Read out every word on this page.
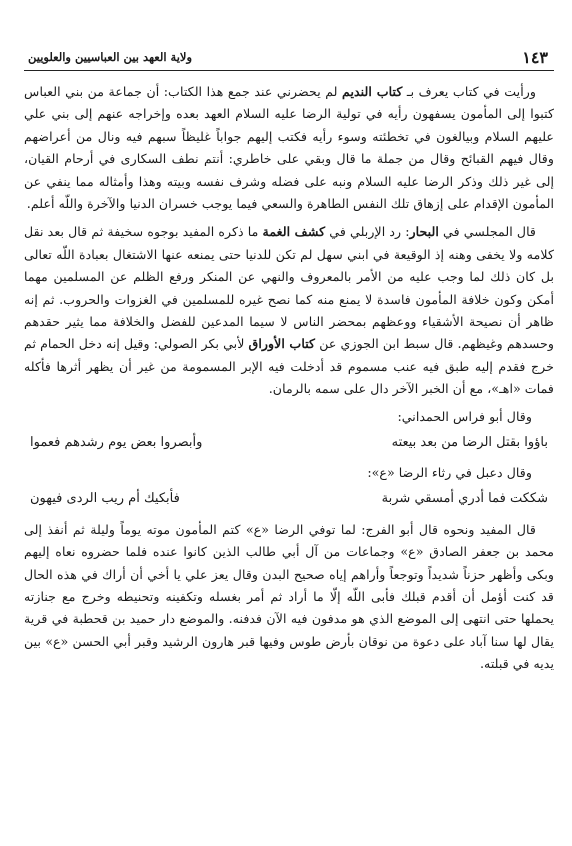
١٤٣
ولاية العهد بين العباسيين والعلويين

ورأيت في كتاب يعرف بـ كتاب النديم لم يحضرني عند جمع هذا الكتاب: أن جماعة من بني العباس كتبوا إلى المأمون يسفهون رأيه في تولية الرضا عليه السلام العهد بعده وإخراجه عنهم إلى بني علي عليهم السلام وبيالغون في تخطئته وسوء رأيه فكتب إليهم جواباً غليظاً سبهم فيه ونال من أعراضهم وقال فيهم القبائح وقال من جملة ما قال وبقي على خاطري: أنتم نطف السكارى في أرحام القيان، إلى غير ذلك وذكر الرضا عليه السلام ونبه على فضله وشرف نفسه وبيته وهذا وأمثاله مما ينفي عن المأمون الإقدام على إزهاق تلك النفس الطاهرة والسعي فيما يوجب خسران الدنيا والآخرة واللّه أعلم.

قال المجلسي في البحار: رد الإربلي في كشف الغمة ما ذكره المفيد بوجوه سخيفة ثم قال بعد نقل كلامه ولا يخفى وهنه إذ الوقيعة في ابني سهل لم تكن للدنيا حتى يمنعه عنها الاشتغال بعبادة اللّه تعالى بل كان ذلك لما وجب عليه من الأمر بالمعروف والنهي عن المنكر ورفع الظلم عن المسلمين مهما أمكن وكون خلافة المأمون فاسدة لا يمنع منه كما نصح غيره للمسلمين في الغزوات والحروب. ثم إنه ظاهر أن نصيحة الأشقياء ووعظهم بمحضر الناس لا سيما المدعين للفضل والخلافة مما يثير حقدهم وحسدهم وغيظهم. قال سبط ابن الجوزي عن كتاب الأوراق لأبي بكر الصولي: وقيل إنه دخل الحمام ثم خرج فقدم إليه طبق فيه عنب مسموم قد أدخلت فيه الإبر المسمومة من غير أن يظهر أثرها فأكله فمات «اهـ»، مع أن الخبر الآخر دال على سمه بالرمان.

وقال أبو فراس الحمداني:
باؤوا بقتل الرضا من بعد بيعته
وأبصروا بعض يوم رشدهم فعموا
وقال دعبل في رثاء الرضا «ع»:
شككت فما أدري أمسقي شربة
فأبكيك أم ريب الردى فيهون

قال المفيد ونحوه قال أبو الفرج: لما توفي الرضا «ع» كتم المأمون موته يوماً وليلة ثم أنفذ إلى محمد بن جعفر الصادق «ع» وجماعات من آل أبي طالب الذين كانوا عنده فلما حضروه نعاه إليهم وبكى وأظهر حزناً شديداً وتوجعاً وأراهم إياه صحيح البدن وقال يعز علي يا أخي أن أراك في هذه الحال قد كنت أؤمل أن أقدم قبلك فأبى اللّه إلّا ما أراد ثم أمر بغسله وتكفينه وتحنيطه وخرج مع جنازته يحملها حتى انتهى إلى الموضع الذي هو مدفون فيه الآن فدفنه. والموضع دار حميد بن قحطبة في قرية يقال لها سنا آباد على دعوة من نوقان بأرض طوس وفيها قبر هارون الرشيد وقبر أبي الحسن «ع» بين يديه في قبلته.
